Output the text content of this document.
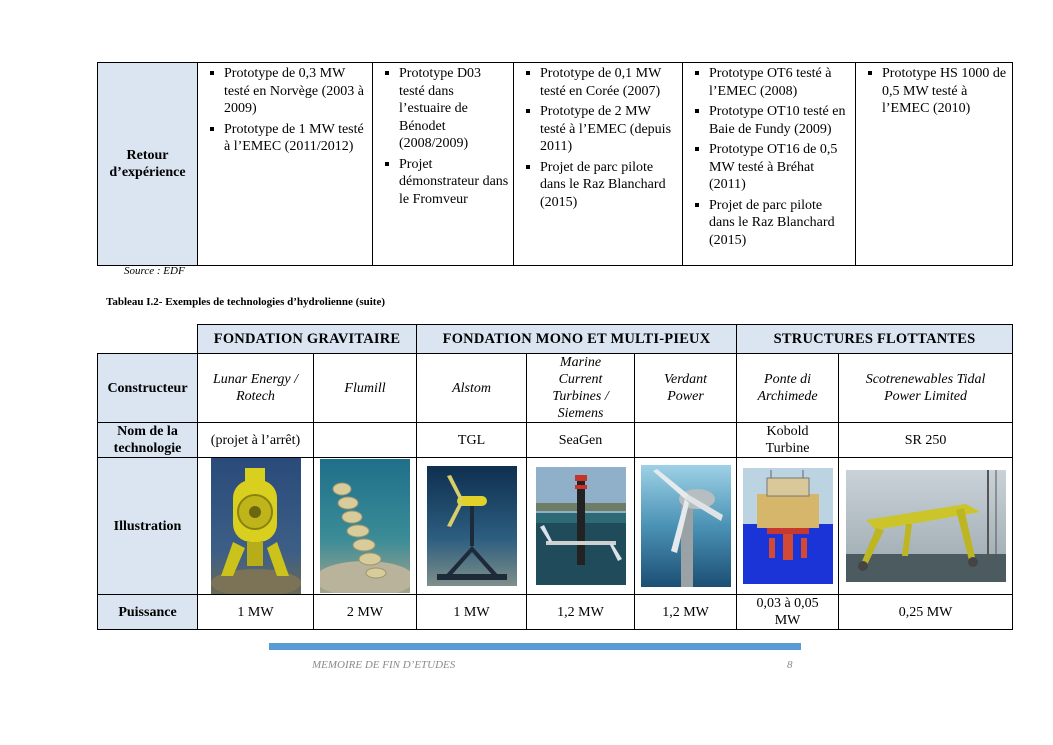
Retour d’expérience	
Prototype de 0,3 MW testé en Norvège (2003 à 2009)
Prototype de 1 MW testé à l’EMEC (2011/2012)

Prototype D03 testé dans l’estuaire de Bénodet (2008/2009)
Projet démonstrateur dans le Fromveur

Prototype de 0,1 MW testé en Corée (2007)
Prototype de 2 MW testé à l’EMEC (depuis 2011)
Projet de parc pilote dans le Raz Blanchard (2015)

Prototype OT6 testé à l’EMEC (2008)
Prototype OT10 testé en Baie de Fundy (2009)
Prototype OT16 de 0,5 MW testé à Bréhat (2011)
Projet de parc pilote dans le Raz Blanchard (2015)

Prototype HS 1000 de 0,5 MW testé à l’EMEC (2010)
Source : EDF
Tableau I.2- Exemples de technologies d’hydrolienne (suite)
	FONDATION GRAVITAIRE		FONDATION MONO ET MULTI-PIEUX			STRUCTURES FLOTTANTES	
Constructeur	Lunar Energy / Rotech	Flumill	Alstom	Marine Current Turbines / Siemens	Verdant Power	Ponte di Archimede	Scotrenewables Tidal Power Limited
Nom de la technologie	(projet à l’arrêt)		TGL	SeaGen		Kobold Turbine	SR 250
Illustration	

Puissance	1 MW	2 MW	1 MW	1,2 MW	1,2 MW	0,03 à 0,05 MW	0,25 MW
MEMOIRE DE FIN D’ETUDES	8
